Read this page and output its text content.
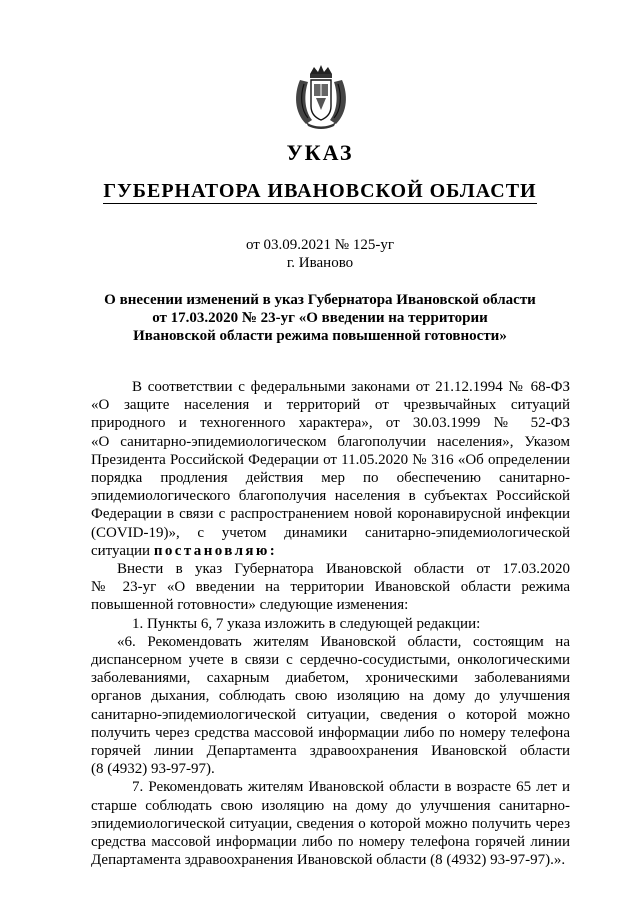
УКАЗ
ГУБЕРНАТОРА ИВАНОВСКОЙ ОБЛАСТИ
от 03.09.2021 № 125-уг
г. Иваново
О внесении изменений в указ Губернатора Ивановской области
от 17.03.2020 № 23-уг «О введении на территории
Ивановской области режима повышенной готовности»
В соответствии с федеральными законами от 21.12.1994 № 68-ФЗ
«О защите населения и территорий от чрезвычайных ситуаций
природного и техногенного характера», от 30.03.1999 № 52-ФЗ
«О санитарно-эпидемиологическом благополучии населения», Указом
Президента Российской Федерации от 11.05.2020 № 316 «Об определении
порядка продления действия мер по обеспечению санитарно-
эпидемиологического благополучия населения в субъектах Российской
Федерации в связи с распространением новой коронавирусной инфекции
(COVID-19)», с учетом динамики санитарно-эпидемиологической
ситуации постановляю:
Внести в указ Губернатора Ивановской области от 17.03.2020
№ 23-уг «О введении на территории Ивановской области режима
повышенной готовности» следующие изменения:
1. Пункты 6, 7 указа изложить в следующей редакции:
«6. Рекомендовать жителям Ивановской области, состоящим на
диспансерном учете в связи с сердечно-сосудистыми, онкологическими
заболеваниями, сахарным диабетом, хроническими заболеваниями
органов дыхания, соблюдать свою изоляцию на дому до улучшения
санитарно-эпидемиологической ситуации, сведения о которой можно
получить через средства массовой информации либо по номеру телефона
горячей линии Департамента здравоохранения Ивановской области
(8 (4932) 93-97-97).
7. Рекомендовать жителям Ивановской области в возрасте 65 лет и
старше соблюдать свою изоляцию на дому до улучшения санитарно-
эпидемиологической ситуации, сведения о которой можно получить через
средства массовой информации либо по номеру телефона горячей линии
Департамента здравоохранения Ивановской области (8 (4932) 93-97-97).».
